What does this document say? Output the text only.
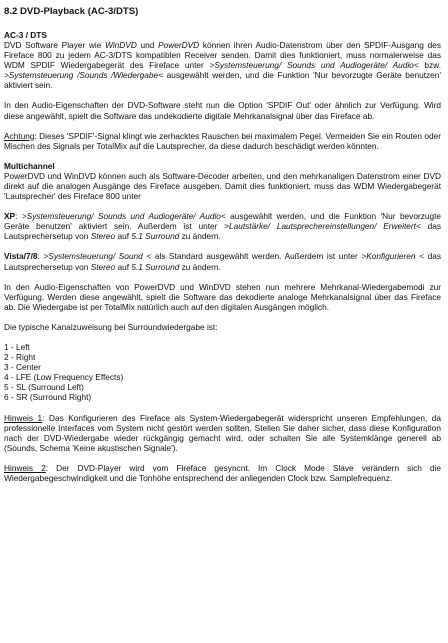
8.2 DVD-Playback (AC-3/DTS)
AC-3 / DTS

DVD Software Player wie WinDVD und PowerDVD können ihren Audio-Datenstrom über den SPDIF-Ausgang des Fireface 800 zu jedem AC-3/DTS kompatiblen Receiver senden. Damit dies funktioniert, muss normalerweise das WDM SPDIF Wiedergabegerät des Fireface unter >Systemsteuerung/ Sounds und Audiogeräte/ Audio< bzw. >Systemsteuerung /Sounds /Wiedergabe< ausgewählt werden, und die Funktion 'Nur bevorzugte Geräte benutzen' aktiviert sein.

In den Audio-Eigenschaften der DVD-Software steht nun die Option 'SPDIF Out' oder ähnlich zur Verfügung. Wird diese angewählt, spielt die Software das undekodierte digitale Mehrkanalsignal über das Fireface ab.

Achtung: Dieses 'SPDIF'-Signal klingt wie zerhacktes Rauschen bei maximalem Pegel. Vermeiden Sie ein Routen oder Mischen des Signals per TotalMix auf die Lautsprecher, da diese dadurch beschädigt werden könnten.

Multichannel

PowerDVD und WinDVD können auch als Software-Decoder arbeiten, und den mehrkanaligen Datenstrom einer DVD direkt auf die analogen Ausgänge des Fireface ausgeben. Damit dies funktioniert, muss das WDM Wiedergabegerät 'Lautsprecher' des Fireface 800 unter

XP: >Systemsteuerung/ Sounds und Audiogeräte/ Audio< ausgewählt werden, und die Funktion 'Nur bevorzugte Geräte benutzen' aktiviert sein. Außerdem ist unter >Lautstärke/ Lautsprechereinstellungen/ Erweitert< das Lautsprechersetup von Stereo auf 5.1 Surround zu ändern.

Vista/7/8: >Systemsteuerung/ Sound < als Standard ausgewählt werden. Außerdem ist unter >Konfigurieren < das Lautsprechersetup von Stereo auf 5.1 Surround zu ändern.

In den Audio-Eigenschaften von PowerDVD und WinDVD stehen nun mehrere Mehrkanal-Wiedergabemodi zur Verfügung. Werden diese angewählt, spielt die Software das dekodierte analoge Mehrkanalsignal über das Fireface ab. Die Wiedergabe ist per TotalMix natürlich auch auf den digitalen Ausgängen möglich.

Die typische Kanalzuweisung bei Surroundwiedergabe ist:

1 - Left
2 - Right
3 - Center
4 - LFE (Low Frequency Effects)
5 - SL (Surround Left)
6 - SR (Surround Right)

Hinweis 1: Das Konfigurieren des Fireface als System-Wiedergabegerät widerspricht unseren Empfehlungen, da professionelle Interfaces vom System nicht gestört werden sollten. Stellen Sie daher sicher, dass diese Konfiguration nach der DVD-Wiedergabe wieder rückgängig gemacht wird, oder schalten Sie alle Systemklänge generell ab (Sounds, Schema 'Keine akustischen Signale').

Hinweis 2: Der DVD-Player wird vom Fireface gesyncnt. Im Clock Mode Slave verändern sich die Wiedergabegeschwindigkeit und die Tonhöhe entsprechend der anliegenden Clock bzw. Samplefrequenz.
